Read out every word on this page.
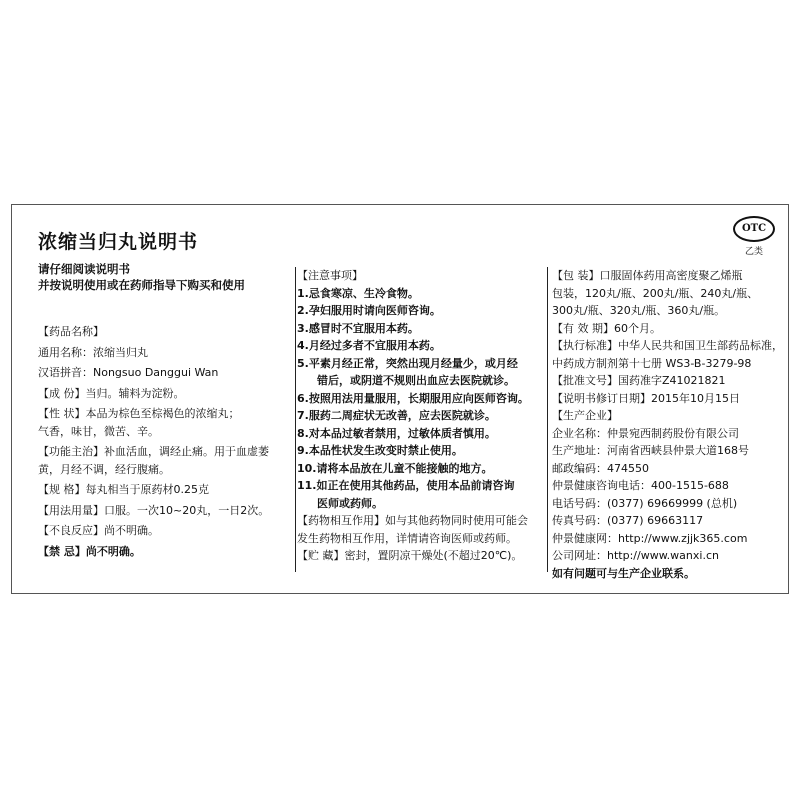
浓缩当归丸说明书
OTC
乙类
请仔细阅读说明书
并按说明使用或在药师指导下购买和使用
【药品名称】
通用名称：浓缩当归丸
汉语拼音：Nongsuo Danggui Wan
【成 份】当归。辅料为淀粉。
【性 状】本品为棕色至棕褐色的浓缩丸；
气香，味甘，微苦、辛。
【功能主治】补血活血，调经止痛。用于血虚萎
黄，月经不调，经行腹痛。
【规 格】每丸相当于原药材0.25克
【用法用量】口服。一次10~20丸，一日2次。
【不良反应】尚不明确。
【禁 忌】尚不明确。
【注意事项】
1.忌食寒凉、生冷食物。
2.孕妇服用时请向医师咨询。
3.感冒时不宜服用本药。
4.月经过多者不宜服用本药。
5.平素月经正常，突然出现月经量少，或月经
错后，或阴道不规则出血应去医院就诊。
6.按照用法用量服用，长期服用应向医师咨询。
7.服药二周症状无改善，应去医院就诊。
8.对本品过敏者禁用，过敏体质者慎用。
9.本品性状发生改变时禁止使用。
10.请将本品放在儿童不能接触的地方。
11.如正在使用其他药品，使用本品前请咨询
医师或药师。
【药物相互作用】如与其他药物同时使用可能会
发生药物相互作用，详情请咨询医师或药师。
【贮 藏】密封，置阴凉干燥处(不超过20℃)。
【包 装】口服固体药用高密度聚乙烯瓶
包装，120丸/瓶、200丸/瓶、240丸/瓶、
300丸/瓶、320丸/瓶、360丸/瓶。
【有 效 期】60个月。
【执行标准】中华人民共和国卫生部药品标准，
中药成方制剂第十七册 WS3-B-3279-98
【批准文号】国药准字Z41021821
【说明书修订日期】2015年10月15日
【生产企业】
企业名称：仲景宛西制药股份有限公司
生产地址：河南省西峡县仲景大道168号
邮政编码：474550
仲景健康咨询电话：400-1515-688
电话号码：(0377) 69669999 (总机)
传真号码：(0377) 69663117
仲景健康网：http://www.zjjk365.com
公司网址：http://www.wanxi.cn
如有问题可与生产企业联系。
